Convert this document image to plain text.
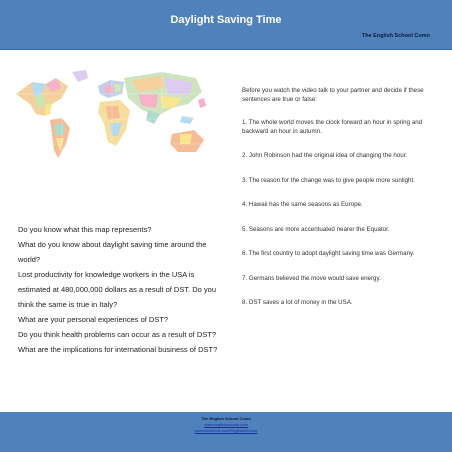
Daylight Saving Time
The English School Como

Do you know what this map represents?

What do you know about daylight saving time around the world?

Lost productivity for knowledge workers in the USA is estimated at 480,000,000 dollars as a result of DST. Do you think the same is true in Italy?

What are your personal experiences of DST?

Do you think health problems can occur as a result of DST?

What are the implications for international business of DST?

Before you watch the video talk to your partner and decide if these sentences are true or false:

1. The whole world moves the clock forward an hour in spring and backward an hour in autumn.

2. John Robinson had the original idea of changing the hour.

3. The reason for the change was to give people more sunlight.

4. Hawaii has the same seasons as Europe.

5. Seasons are more accentuated nearer the Equator.

6. The first country to adopt daylight saving time was Germany.

7. Germans believed the move would save energy.

8. DST saves a lot of money in the USA.

The English School Como
www.englishincomo.com
www.facebook.com/EnglishinComo
